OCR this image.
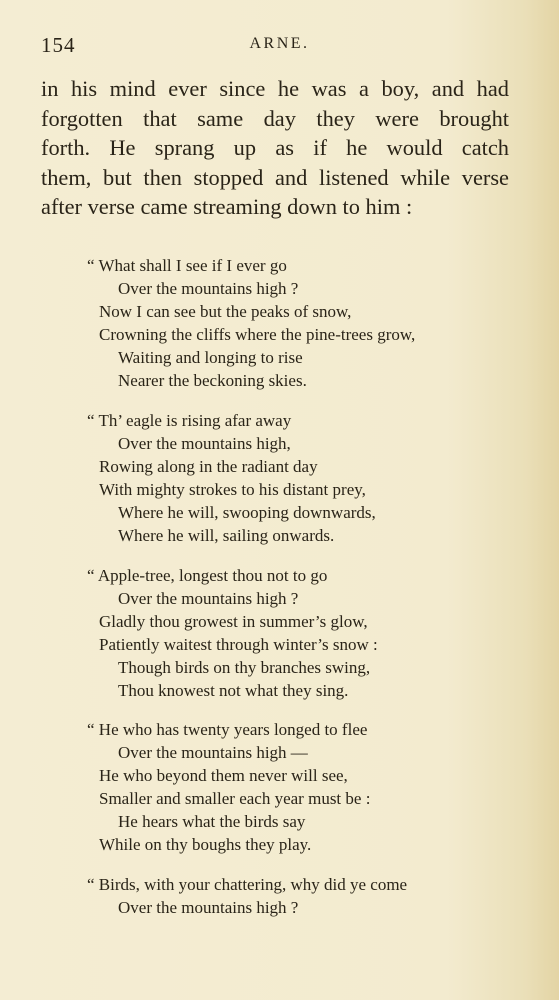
154	ARNE.
in his mind ever since he was a boy, and had
forgotten that same day they were brought
forth. He sprang up as if he would catch
them, but then stopped and listened while verse
after verse came streaming down to him :
“ What shall I see if I ever go
Over the mountains high ?
Now I can see but the peaks of snow,
Crowning the cliffs where the pine-trees grow,
Waiting and longing to rise
Nearer the beckoning skies.
“ Th’ eagle is rising afar away
Over the mountains high,
Rowing along in the radiant day
With mighty strokes to his distant prey,
Where he will, swooping downwards,
Where he will, sailing onwards.
“ Apple-tree, longest thou not to go
Over the mountains high ?
Gladly thou growest in summer’s glow,
Patiently waitest through winter’s snow :
Though birds on thy branches swing,
Thou knowest not what they sing.
“ He who has twenty years longed to flee
Over the mountains high —
He who beyond them never will see,
Smaller and smaller each year must be :
He hears what the birds say
While on thy boughs they play.
“ Birds, with your chattering, why did ye come
Over the mountains high ?
